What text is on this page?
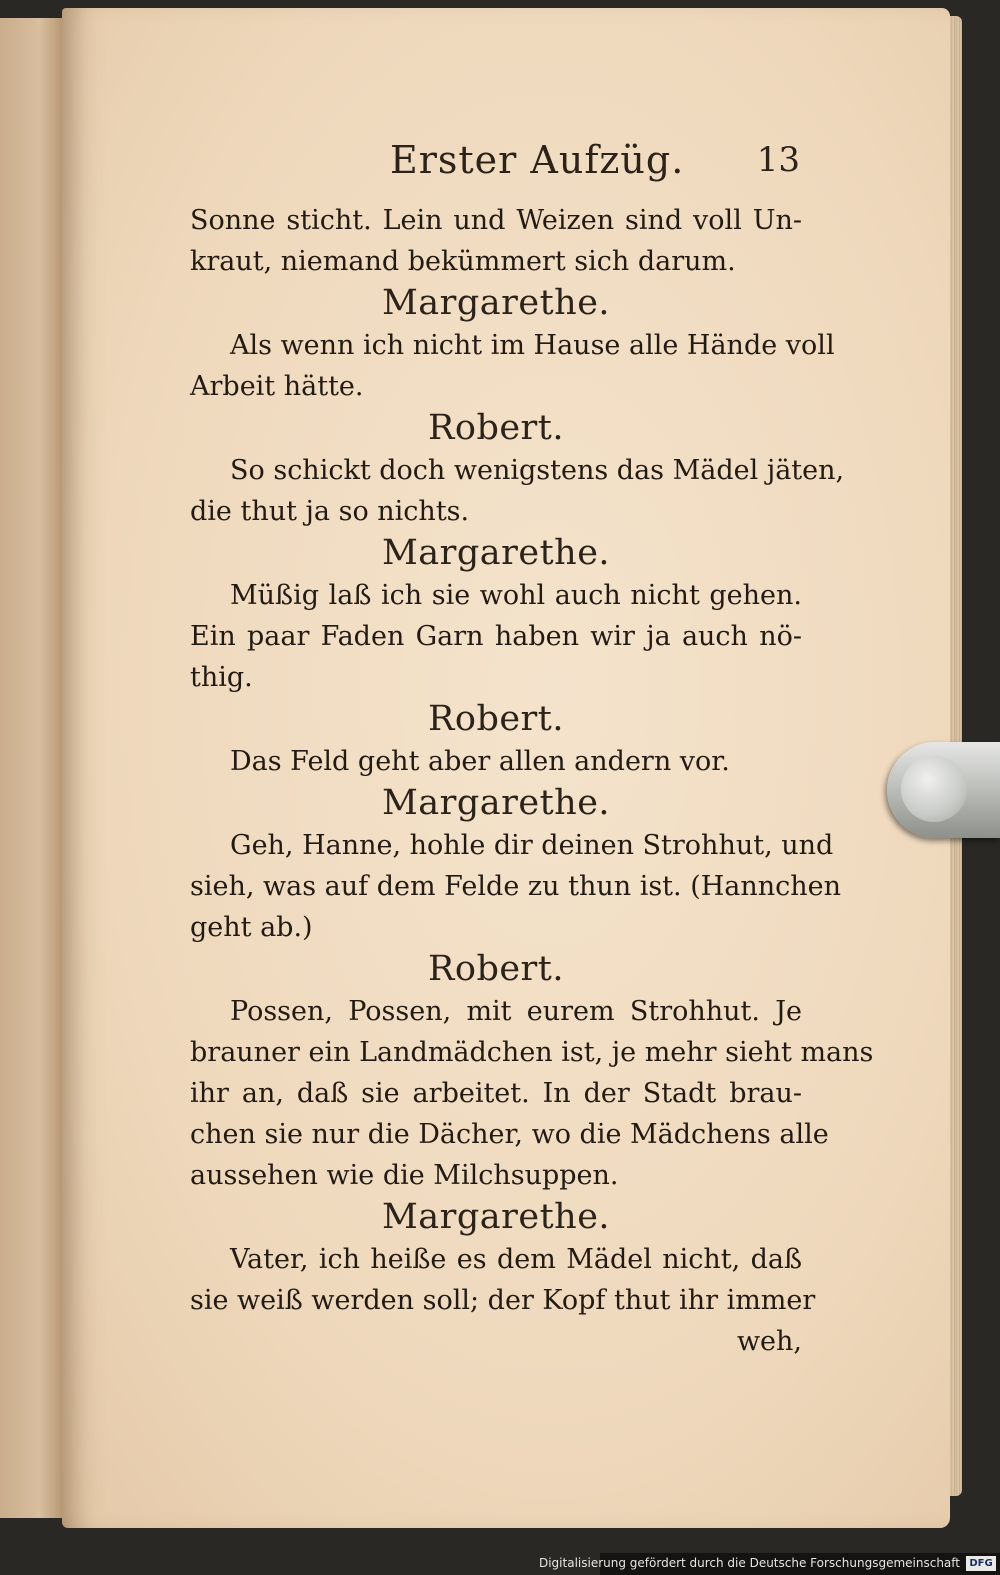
Erster Aufzüg. 13
Sonne sticht. Lein und Weizen sind voll Un-
kraut, niemand bekümmert sich darum.
Margarethe.
Als wenn ich nicht im Hause alle Hände voll
Arbeit hätte.
Robert.
So schickt doch wenigstens das Mädel jäten,
die thut ja so nichts.
Margarethe.
Müßig laß ich sie wohl auch nicht gehen.
Ein paar Faden Garn haben wir ja auch nö-
thig.
Robert.
Das Feld geht aber allen andern vor.
Margarethe.
Geh, Hanne, hohle dir deinen Strohhut, und
sieh, was auf dem Felde zu thun ist. (Hannchen
geht ab.)
Robert.
Possen, Possen, mit eurem Strohhut. Je
brauner ein Landmädchen ist, je mehr sieht mans
ihr an, daß sie arbeitet. In der Stadt brau-
chen sie nur die Dächer, wo die Mädchens alle
aussehen wie die Milchsuppen.
Margarethe.
Vater, ich heiße es dem Mädel nicht, daß
sie weiß werden soll; der Kopf thut ihr immer
weh,
Digitalisierung gefördert durch die Deutsche Forschungsgemeinschaft DFG
